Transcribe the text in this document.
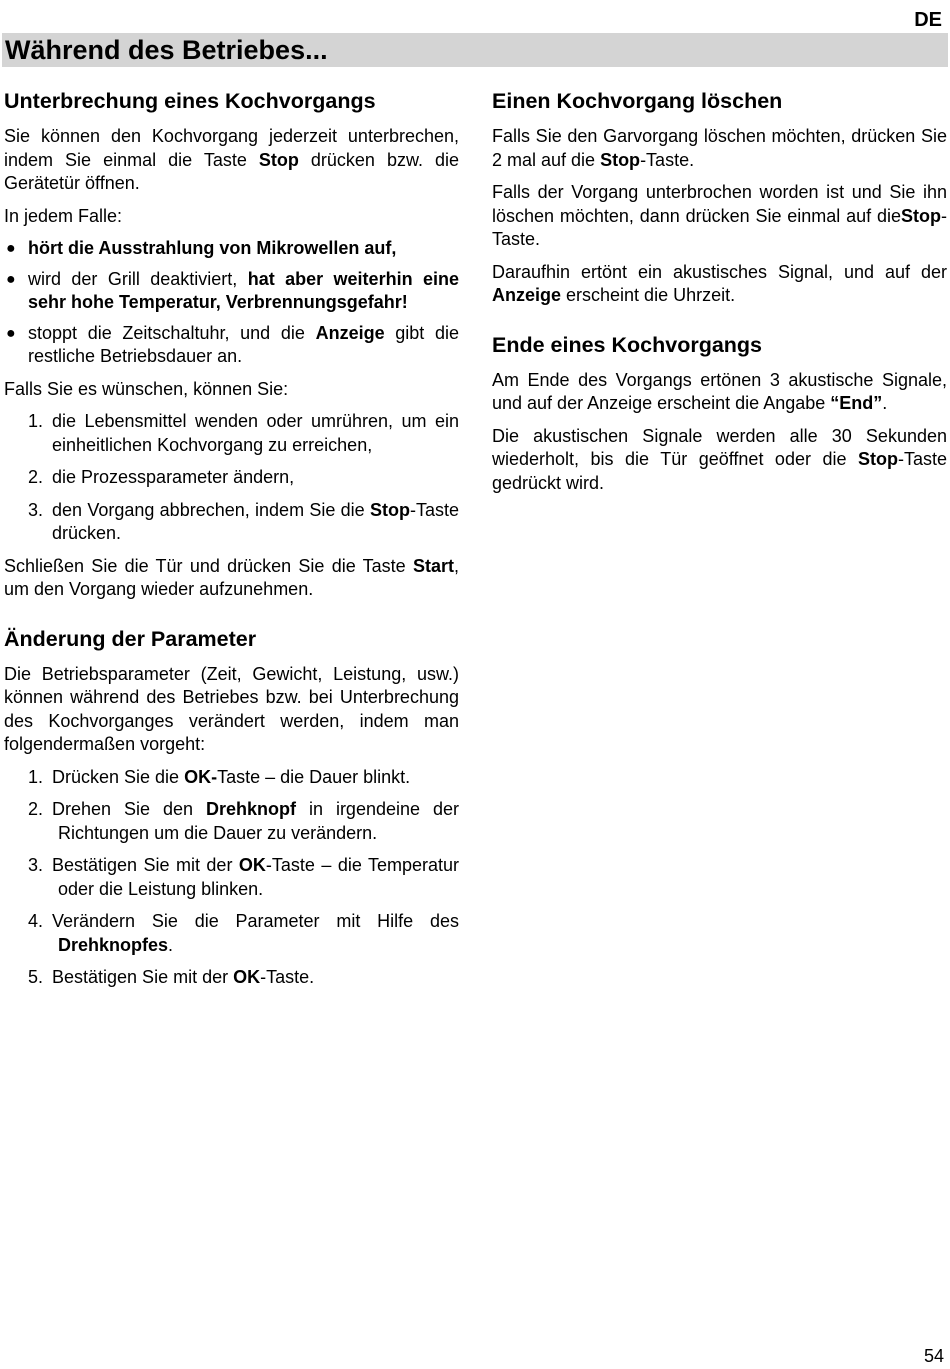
DE
Während des Betriebes...
Unterbrechung eines Kochvorgangs

Sie können den Kochvorgang jederzeit unterbrechen, indem Sie einmal die Taste Stop drücken bzw. die Gerätetür öffnen.

In jedem Falle:

● hört die Ausstrahlung von Mikrowellen auf,
● wird der Grill deaktiviert, hat aber weiterhin eine sehr hohe Temperatur, Verbrennungsgefahr!
● stoppt die Zeitschaltuhr, und die Anzeige gibt die restliche Betriebsdauer an.

Falls Sie es wünschen, können Sie:

1. die Lebensmittel wenden oder umrühren, um ein einheitlichen Kochvorgang zu erreichen,
2. die Prozessparameter ändern,
3. den Vorgang abbrechen, indem Sie die Stop-Taste drücken.

Schließen Sie die Tür und drücken Sie die Taste Start, um den Vorgang wieder aufzunehmen.

Änderung der Parameter

Die Betriebsparameter (Zeit, Gewicht, Leistung, usw.) können während des Betriebes bzw. bei Unterbrechung des Kochvorganges verändert werden, indem man folgendermaßen vorgeht:

1. Drücken Sie die OK-Taste – die Dauer blinkt.
2. Drehen Sie den Drehknopf in irgendeine der Richtungen um die Dauer zu verändern.
3. Bestätigen Sie mit der OK-Taste – die Temperatur oder die Leistung blinken.
4. Verändern Sie die Parameter mit Hilfe des Drehknopfes.
5. Bestätigen Sie mit der OK-Taste.
Einen Kochvorgang löschen

Falls Sie den Garvorgang löschen möchten, drücken Sie 2 mal auf die Stop-Taste.

Falls der Vorgang unterbrochen worden ist und Sie ihn löschen möchten, dann drücken Sie einmal auf dieStop-Taste.

Daraufhin ertönt ein akustisches Signal, und auf der Anzeige erscheint die Uhrzeit.

Ende eines Kochvorgangs

Am Ende des Vorgangs ertönen 3 akustische Signale, und auf der Anzeige erscheint die Angabe “End”.

Die akustischen Signale werden alle 30 Sekunden wiederholt, bis die Tür geöffnet oder die Stop-Taste gedrückt wird.

54
